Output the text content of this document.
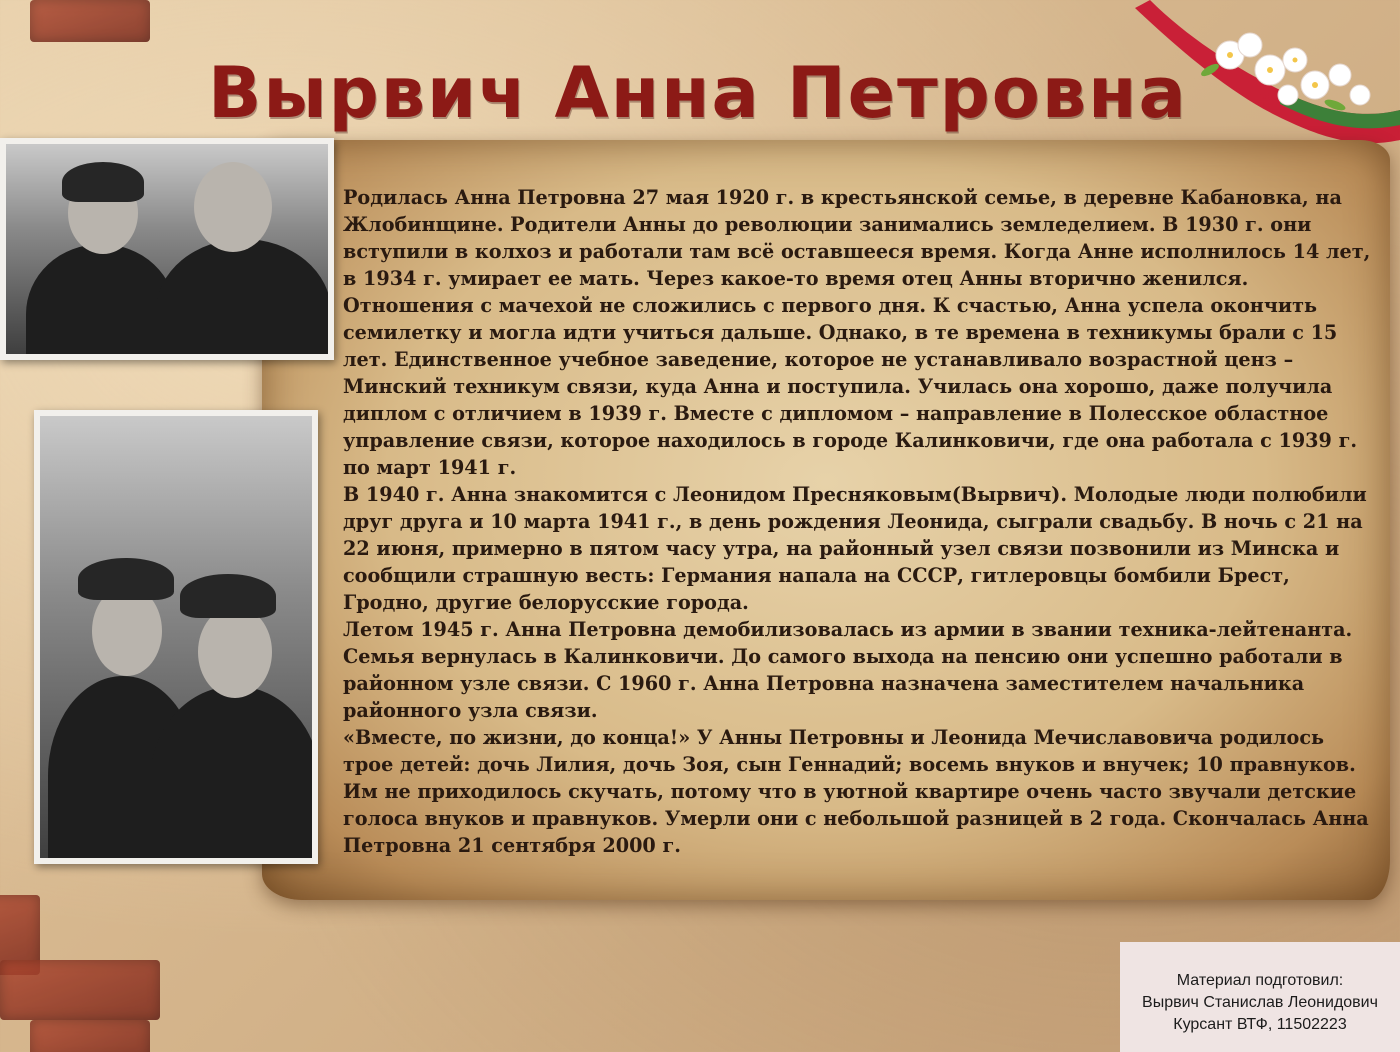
Вырвич Анна Петровна

Родилась Анна Петровна 27 мая 1920 г. в крестьянской семье, в деревне Кабановка, на Жлобинщине. Родители Анны до революции занимались земледелием. В 1930 г. они вступили в колхоз и работали там всё оставшееся время. Когда Анне исполнилось 14 лет, в 1934 г. умирает ее мать. Через какое-то время отец Анны вторично женился. Отношения с мачехой не сложились с первого дня. К счастью, Анна успела окончить семилетку и могла идти учиться дальше. Однако, в те времена в техникумы брали с 15 лет. Единственное учебное заведение, которое не устанавливало возрастной ценз – Минский техникум связи, куда Анна и поступила. Училась она хорошо, даже получила диплом с отличием в 1939 г. Вместе с дипломом – направление в Полесское областное управление связи, которое находилось в городе Калинковичи, где она работала с 1939 г. по март 1941 г.

В 1940 г. Анна знакомится с Леонидом Пресняковым(Вырвич). Молодые люди полюбили друг друга и 10 марта 1941 г., в день рождения Леонида, сыграли свадьбу. В ночь с 21 на 22 июня, примерно в пятом часу утра, на районный узел связи позвонили из Минска и сообщили страшную весть: Германия напала на СССР, гитлеровцы бомбили Брест, Гродно, другие белорусские города.

Летом 1945 г. Анна Петровна демобилизовалась из армии в звании техника-лейтенанта. Семья вернулась в Калинковичи. До самого выхода на пенсию они успешно работали в районном узле связи. С 1960 г. Анна Петровна назначена заместителем начальника районного узла связи.

«Вместе, по жизни, до конца!» У Анны Петровны и Леонида Мечиславовича родилось трое детей: дочь Лилия, дочь Зоя, сын Геннадий; восемь внуков и внучек; 10 правнуков. Им не приходилось скучать, потому что в уютной квартире очень часто звучали детские голоса внуков и правнуков. Умерли они с небольшой разницей в 2 года. Скончалась Анна Петровна 21 сентября 2000 г.

Материал подготовил:
Вырвич Станислав Леонидович
Курсант ВТФ, 11502223
